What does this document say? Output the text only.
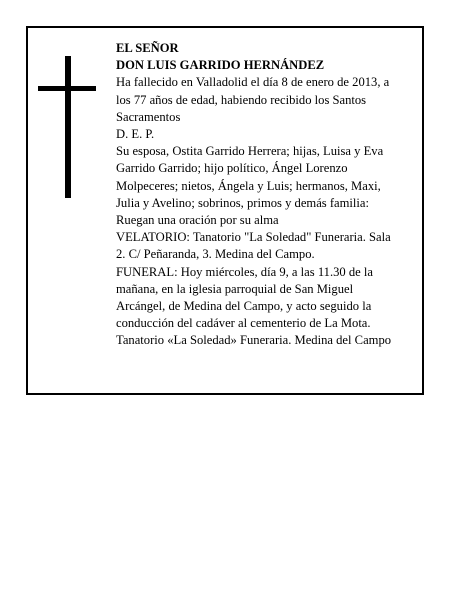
EL SEÑOR
DON LUIS GARRIDO HERNÁNDEZ
Ha fallecido en Valladolid el día 8 de enero de 2013, a
los 77 años de edad, habiendo recibido los Santos
Sacramentos
D. E. P.
Su esposa, Ostita Garrido Herrera; hijas, Luisa y Eva
Garrido Garrido; hijo político, Ángel Lorenzo
Molpeceres; nietos, Ángela y Luis; hermanos, Maxi,
Julia y Avelino; sobrinos, primos y demás familia:
Ruegan una oración por su alma
VELATORIO: Tanatorio "La Soledad" Funeraria. Sala
2. C/ Peñaranda, 3. Medina del Campo.
FUNERAL: Hoy miércoles, día 9, a las 11.30 de la
mañana, en la iglesia parroquial de San Miguel
Arcángel, de Medina del Campo, y acto seguido la
conducción del cadáver al cementerio de La Mota.
Tanatorio «La Soledad» Funeraria. Medina del Campo
